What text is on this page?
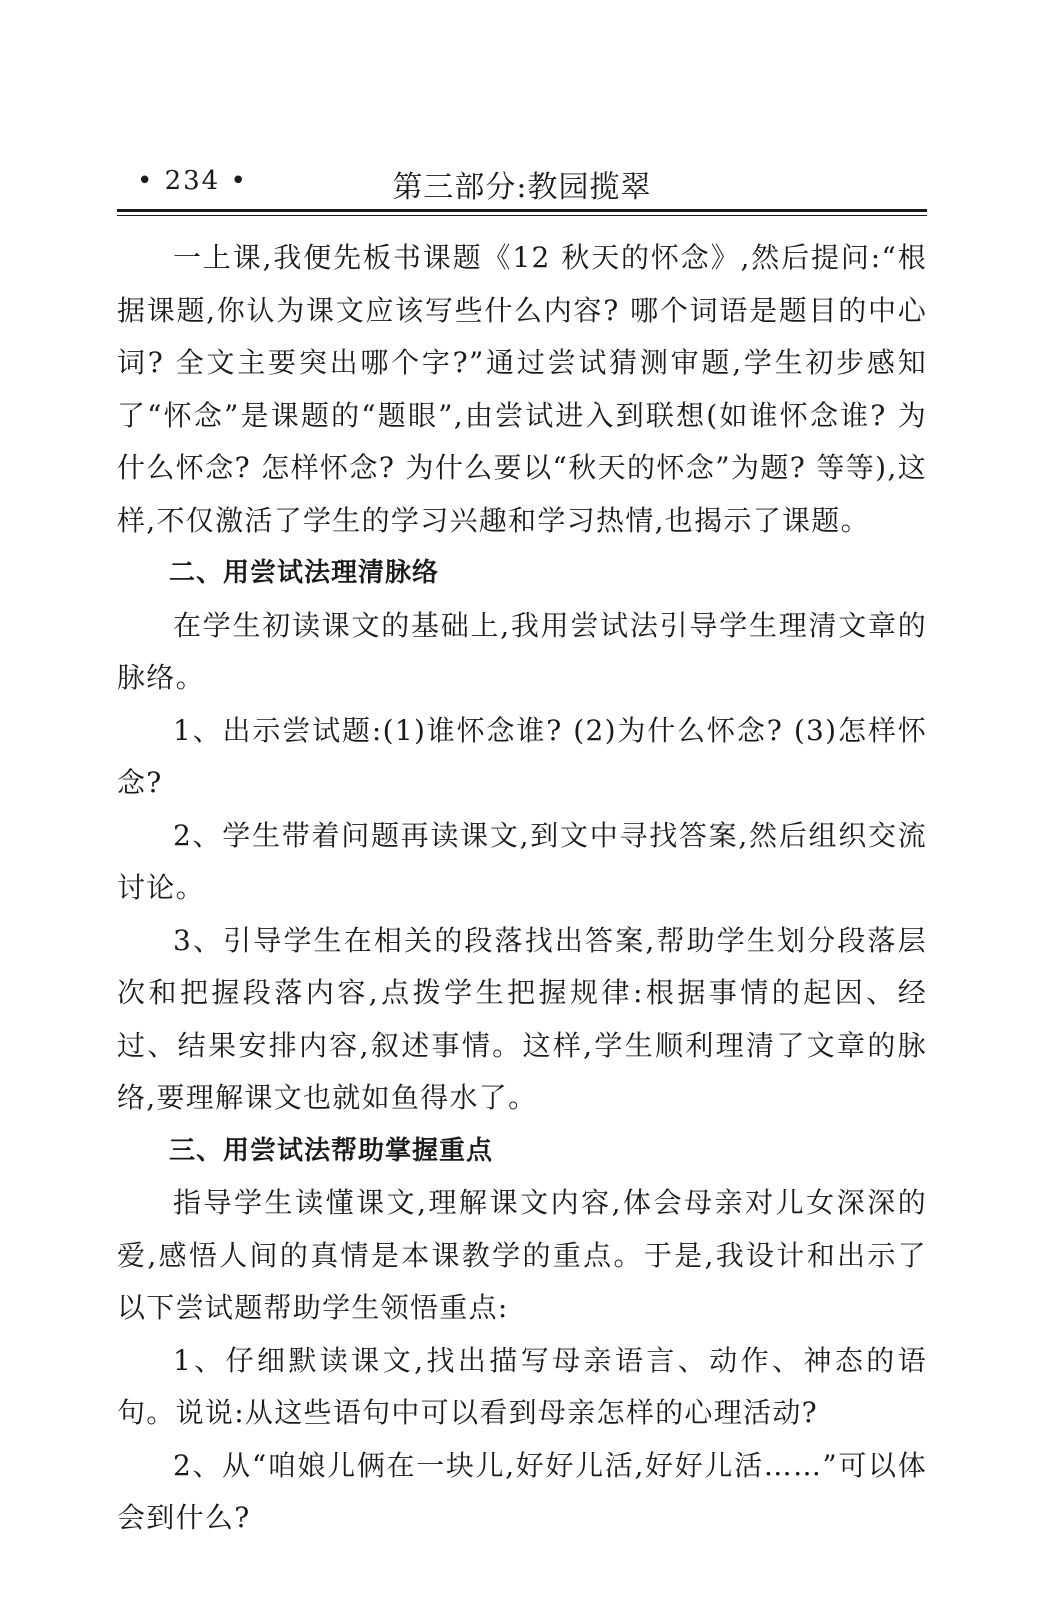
• 234 •	第三部分:教园揽翠

一上课,我便先板书课题《12 秋天的怀念》,然后提问:“根据课题,你认为课文应该写些什么内容? 哪个词语是题目的中心词? 全文主要突出哪个字?”通过尝试猜测审题,学生初步感知了“怀念”是课题的“题眼”,由尝试进入到联想(如谁怀念谁? 为什么怀念? 怎样怀念? 为什么要以“秋天的怀念”为题? 等等),这样,不仅激活了学生的学习兴趣和学习热情,也揭示了课题。

二、用尝试法理清脉络

在学生初读课文的基础上,我用尝试法引导学生理清文章的脉络。

1、出示尝试题:(1)谁怀念谁? (2)为什么怀念? (3)怎样怀念?

2、学生带着问题再读课文,到文中寻找答案,然后组织交流讨论。

3、引导学生在相关的段落找出答案,帮助学生划分段落层次和把握段落内容,点拨学生把握规律:根据事情的起因、经过、结果安排内容,叙述事情。这样,学生顺利理清了文章的脉络,要理解课文也就如鱼得水了。

三、用尝试法帮助掌握重点

指导学生读懂课文,理解课文内容,体会母亲对儿女深深的爱,感悟人间的真情是本课教学的重点。于是,我设计和出示了以下尝试题帮助学生领悟重点:

1、仔细默读课文,找出描写母亲语言、动作、神态的语句。说说:从这些语句中可以看到母亲怎样的心理活动?

2、从“咱娘儿俩在一块儿,好好儿活,好好儿活……”可以体会到什么?
